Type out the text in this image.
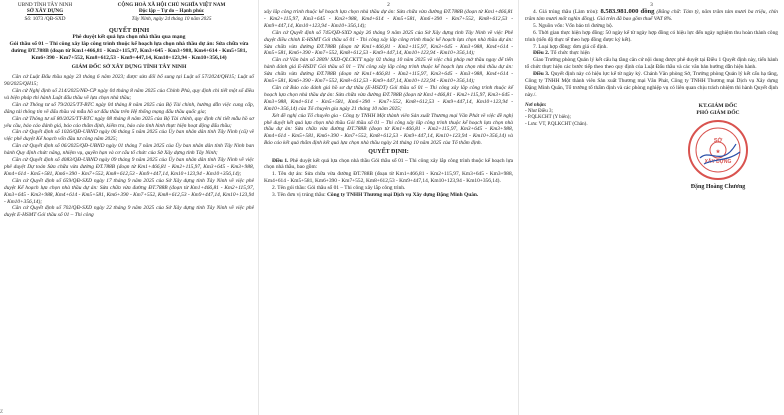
UBND TỈNH TÂY NINH
SỞ XÂY DỰNG
CỘNG HOÀ XÃ HỘI CHỦ NGHĨA VIỆT NAM
Độc lập – Tự do – Hạnh phúc
Số: 1073 /QĐ-SXD	Tây Ninh, ngày 24 tháng 10 năm 2025
QUYẾT ĐỊNH
Phê duyệt kết quả lựa chọn nhà thầu qua mạng
Gói thầu số 01 – Thi công xây lắp công trình thuộc kế hoạch lựa chọn nhà thầu dự án: Sửa chữa vừa đường ĐT.788B (đoạn từ Km1+466,81 - Km2+115,97, Km3+645 - Km3+988, Km4+614 - Km5+581, Km6+390 - Km7+552, Km8+612,53 - Km9+447,14, Km10+123,94 - Km10+356,14)
GIÁM ĐỐC SỞ XÂY DỰNG TỈNH TÂY NINH

Căn cứ Luật Đấu thầu ngày 23 tháng 6 năm 2023; được sửa đổi bổ sung tại Luật số 57/2024/QH15; Luật số 90/2025/QH15;

Căn cứ Nghị định số 214/2025/NĐ-CP ngày 04 tháng 8 năm 2025 của Chính Phủ, quy định chi tiết một số điều và biện pháp thi hành Luật đấu thầu về lựa chọn nhà thầu;

Căn cứ Thông tư số 79/2025/TT-BTC ngày 04 tháng 8 năm 2025 của Bộ Tài chính, hướng dẫn việc cung cấp, đăng tải thông tin về đấu thầu và mẫu hồ sơ đấu thầu trên Hệ thống mạng đấu thầu quốc gia;

Căn cứ Thông tư số 80/2025/TT-BTC ngày 08 tháng 8 năm 2025 của Bộ Tài chính, quy định chi tiết mẫu hồ sơ yêu cầu, báo cáo đánh giá, báo cáo thẩm định, kiểm tra, báo cáo tình hình thực hiện hoạt động đấu thầu;

Căn cứ Quyết định số 1026/QĐ-UBND ngày 06 tháng 5 năm 2025 của Ủy ban nhân dân tỉnh Tây Ninh (cũ) về việc phê duyệt Kế hoạch vốn đầu tư công năm 2025;

Căn cứ Quyết định số 06/2025/QĐ-UBND ngày 01 tháng 7 năm 2025 của Ủy ban nhân dân tỉnh Tây Ninh ban hành Quy định chức năng, nhiệm vụ, quyền hạn và cơ cấu tổ chức của Sở Xây dựng tỉnh Tây Ninh;

Căn cứ Quyết định số 4083/QĐ-UBND ngày 09 tháng 9 năm 2025 của Ủy ban nhân dân tỉnh Tây Ninh về việc phê duyệt Dự toán Sửa chữa vừa đường ĐT.788B (đoạn từ Km1+466,81 - Km2+115,97, Km3+645 - Km3+988, Km4+614 - Km5+581, Km6+390 - Km7+552, Km8+612,53 - Km9+447,14, Km10+123,94 - Km10+356,14);

Căn cứ Quyết định số 659/QĐ-SXD ngày 17 tháng 9 năm 2025 của Sở Xây dựng tỉnh Tây Ninh về việc phê duyệt Kế hoạch lựa chọn nhà thầu dự án: Sửa chữa vừa đường ĐT.788B (đoạn từ Km1+466,81 - Km2+115,97, Km3+645 - Km3+988, Km4+614 - Km5+581, Km6+390 - Km7+552, Km8+612,53 - Km9+447,14, Km10+123,94 - Km10+356,14);

Căn cứ Quyết định số 702/QĐ-SXD ngày 22 tháng 9 năm 2025 của Sở Xây dựng tỉnh Tây Ninh về việc phê duyệt E-HSMT Gói thầu số 01 – Thi công

Z
2

xây lắp công trình thuộc kế hoạch lựa chọn nhà thầu dự án: Sửa chữa vừa đường ĐT.788B (đoạn từ Km1+466,81 - Km2+115,97, Km3+645 - Km3+988, Km4+614 - Km5+581, Km6+390 - Km7+552, Km8+612,53 - Km9+447,14, Km10+123,94 - Km10+356,14);

Căn cứ Quyết định số 745/QĐ-SXD ngày 26 tháng 9 năm 2025 của Sở Xây dựng tỉnh Tây Ninh về việc Phê duyệt điều chỉnh E-HSMT Gói thầu số 01 - Thi công xây lắp công trình thuộc kế hoạch lựa chọn nhà thầu dự án: Sửa chữa vừa đường ĐT.788B (đoạn từ Km1+466,81 - Km2+115,97, Km3+645 - Km3+988, Km4+614 - Km5+581, Km6+390 - Km7+552, Km8+612,53 - Km9+447,14, Km10+123,94 - Km10+356,14);

Căn cứ Văn bản số 2809/ SXD-QLCKTT ngày 02 tháng 10 năm 2025 về việc chủ pháp mở thầu ngay để tiến hành đánh giá E-HSDT Gói thầu số 01 – Thi công xây lắp công trình thuộc kế hoạch lựa chọn nhà thầu dự án: Sửa chữa vừa đường ĐT.788B (đoạn từ Km1+466,81 - Km2+115,97, Km3+645 - Km3+988, Km4+614 - Km5+581, Km6+390 - Km7+552, Km8+612,53 - Km9+447,14, Km10+123,94 - Km10+356,14);

Căn cứ Báo cáo đánh giá hồ sơ dự thầu (E-HSDT) Gói thầu số 01 – Thi công xây lắp công trình thuộc kế hoạch lựa chọn nhà thầu dự án: Sửa chữa vừa đường ĐT.788B (đoạn từ Km1+466,81 - Km2+115,97, Km3+645 - Km3+988, Km4+614 - Km5+581, Km6+390 - Km7+552, Km8+612,53 - Km9+447,14, Km10+123,94 - Km10+356,14) của Tổ chuyên gia ngày 21 tháng 10 năm 2025;

Xét đề nghị của Tổ chuyên gia - Công ty TNHH Một thành viên Sản xuất Thương mại Văn Phát về việc đề nghị phê duyệt kết quả lựa chọn nhà thầu Gói thầu số 01 – Thi công xây lắp công trình thuộc kế hoạch lựa chọn nhà thầu dự án: Sửa chữa vừa đường ĐT.788B (đoạn từ Km1+466,81 - Km2+115,97, Km3+645 - Km3+988, Km4+614 - Km5+581, Km6+390 - Km7+552, Km8+612,53 - Km9+447,14, Km10+123,94 - Km10+356,14) và Báo cáo kết quả thẩm định kết quả lựa chọn nhà thầu ngày 24 tháng 10 năm 2025 của Tổ thẩm định.

QUYẾT ĐỊNH:

Điều 1. Phê duyệt kết quả lựa chọn nhà thầu Gói thầu số 01 – Thi công xây lắp công trình thuộc kế hoạch lựa chọn nhà thầu, bao gồm:

1. Tên dự án: Sửa chữa vừa đường ĐT.788B (đoạn từ Km1+466,81 - Km2+115,97, Km3+645 - Km3+988, Km4+614 - Km5+581, Km6+390 - Km7+552, Km8+612,53 - Km9+447,14, Km10+123,94 - Km10+356,14).

2. Tên gói thầu: Gói thầu số 01 – Thi công xây lắp công trình.

3. Tên đơn vị trúng thầu: Công ty TNHH Thương mại Dịch vụ Xây dựng Đặng Minh Quân.

3

4. Giá trúng thầu (Làm tròn): 8.583.981.000 đồng (Bằng chữ: Tám tỷ, năm trăm tám mươi ba triệu, chín trăm tám mươi mốt nghìn đồng). Giá trên đã bao gồm thuế VAT 8%.

5. Nguồn vốn: Vốn bảo trì đường bộ.

6. Thời gian thực hiện hợp đồng: 50 ngày kể từ ngày hợp đồng có hiệu lực đến ngày nghiệm thu hoàn thành công trình (tiến độ thực tế theo hợp đồng được ký kết).

7. Loại hợp đồng: đơn giá cố định.

Điều 2. Tổ chức thực hiện

Giao Trưởng phòng Quản lý kết cấu hạ tầng căn cứ nội dung được phê duyệt tại Điều 1 Quyết định này, tiến hành tổ chức thực hiện các bước tiếp theo theo quy định của Luật Đấu thầu và các văn bản hướng dẫn hiện hành.

Điều 3. Quyết định này có hiệu lực kể từ ngày ký. Chánh Văn phòng Sở, Trưởng phòng Quản lý kết cấu hạ tầng, Công ty TNHH Một thành viên Sản xuất Thương mại Văn Phát, Công ty TNHH Thương mại Dịch vụ Xây dựng Đặng Minh Quân, Tổ trưởng tổ thẩm định và các phòng nghiệp vụ có liên quan chịu trách nhiệm thi hành Quyết định này./.

Nơi nhận:
- Như Điều 3;
- P.QLKCHT (Y biên);
- Lưu: VT, P.QLKCHT (Chân).
KT.GIÁM ĐỐC
PHÓ GIÁM ĐỐC
★
SỞ
XÂY DỰNG
Đặng Hoàng Chương
